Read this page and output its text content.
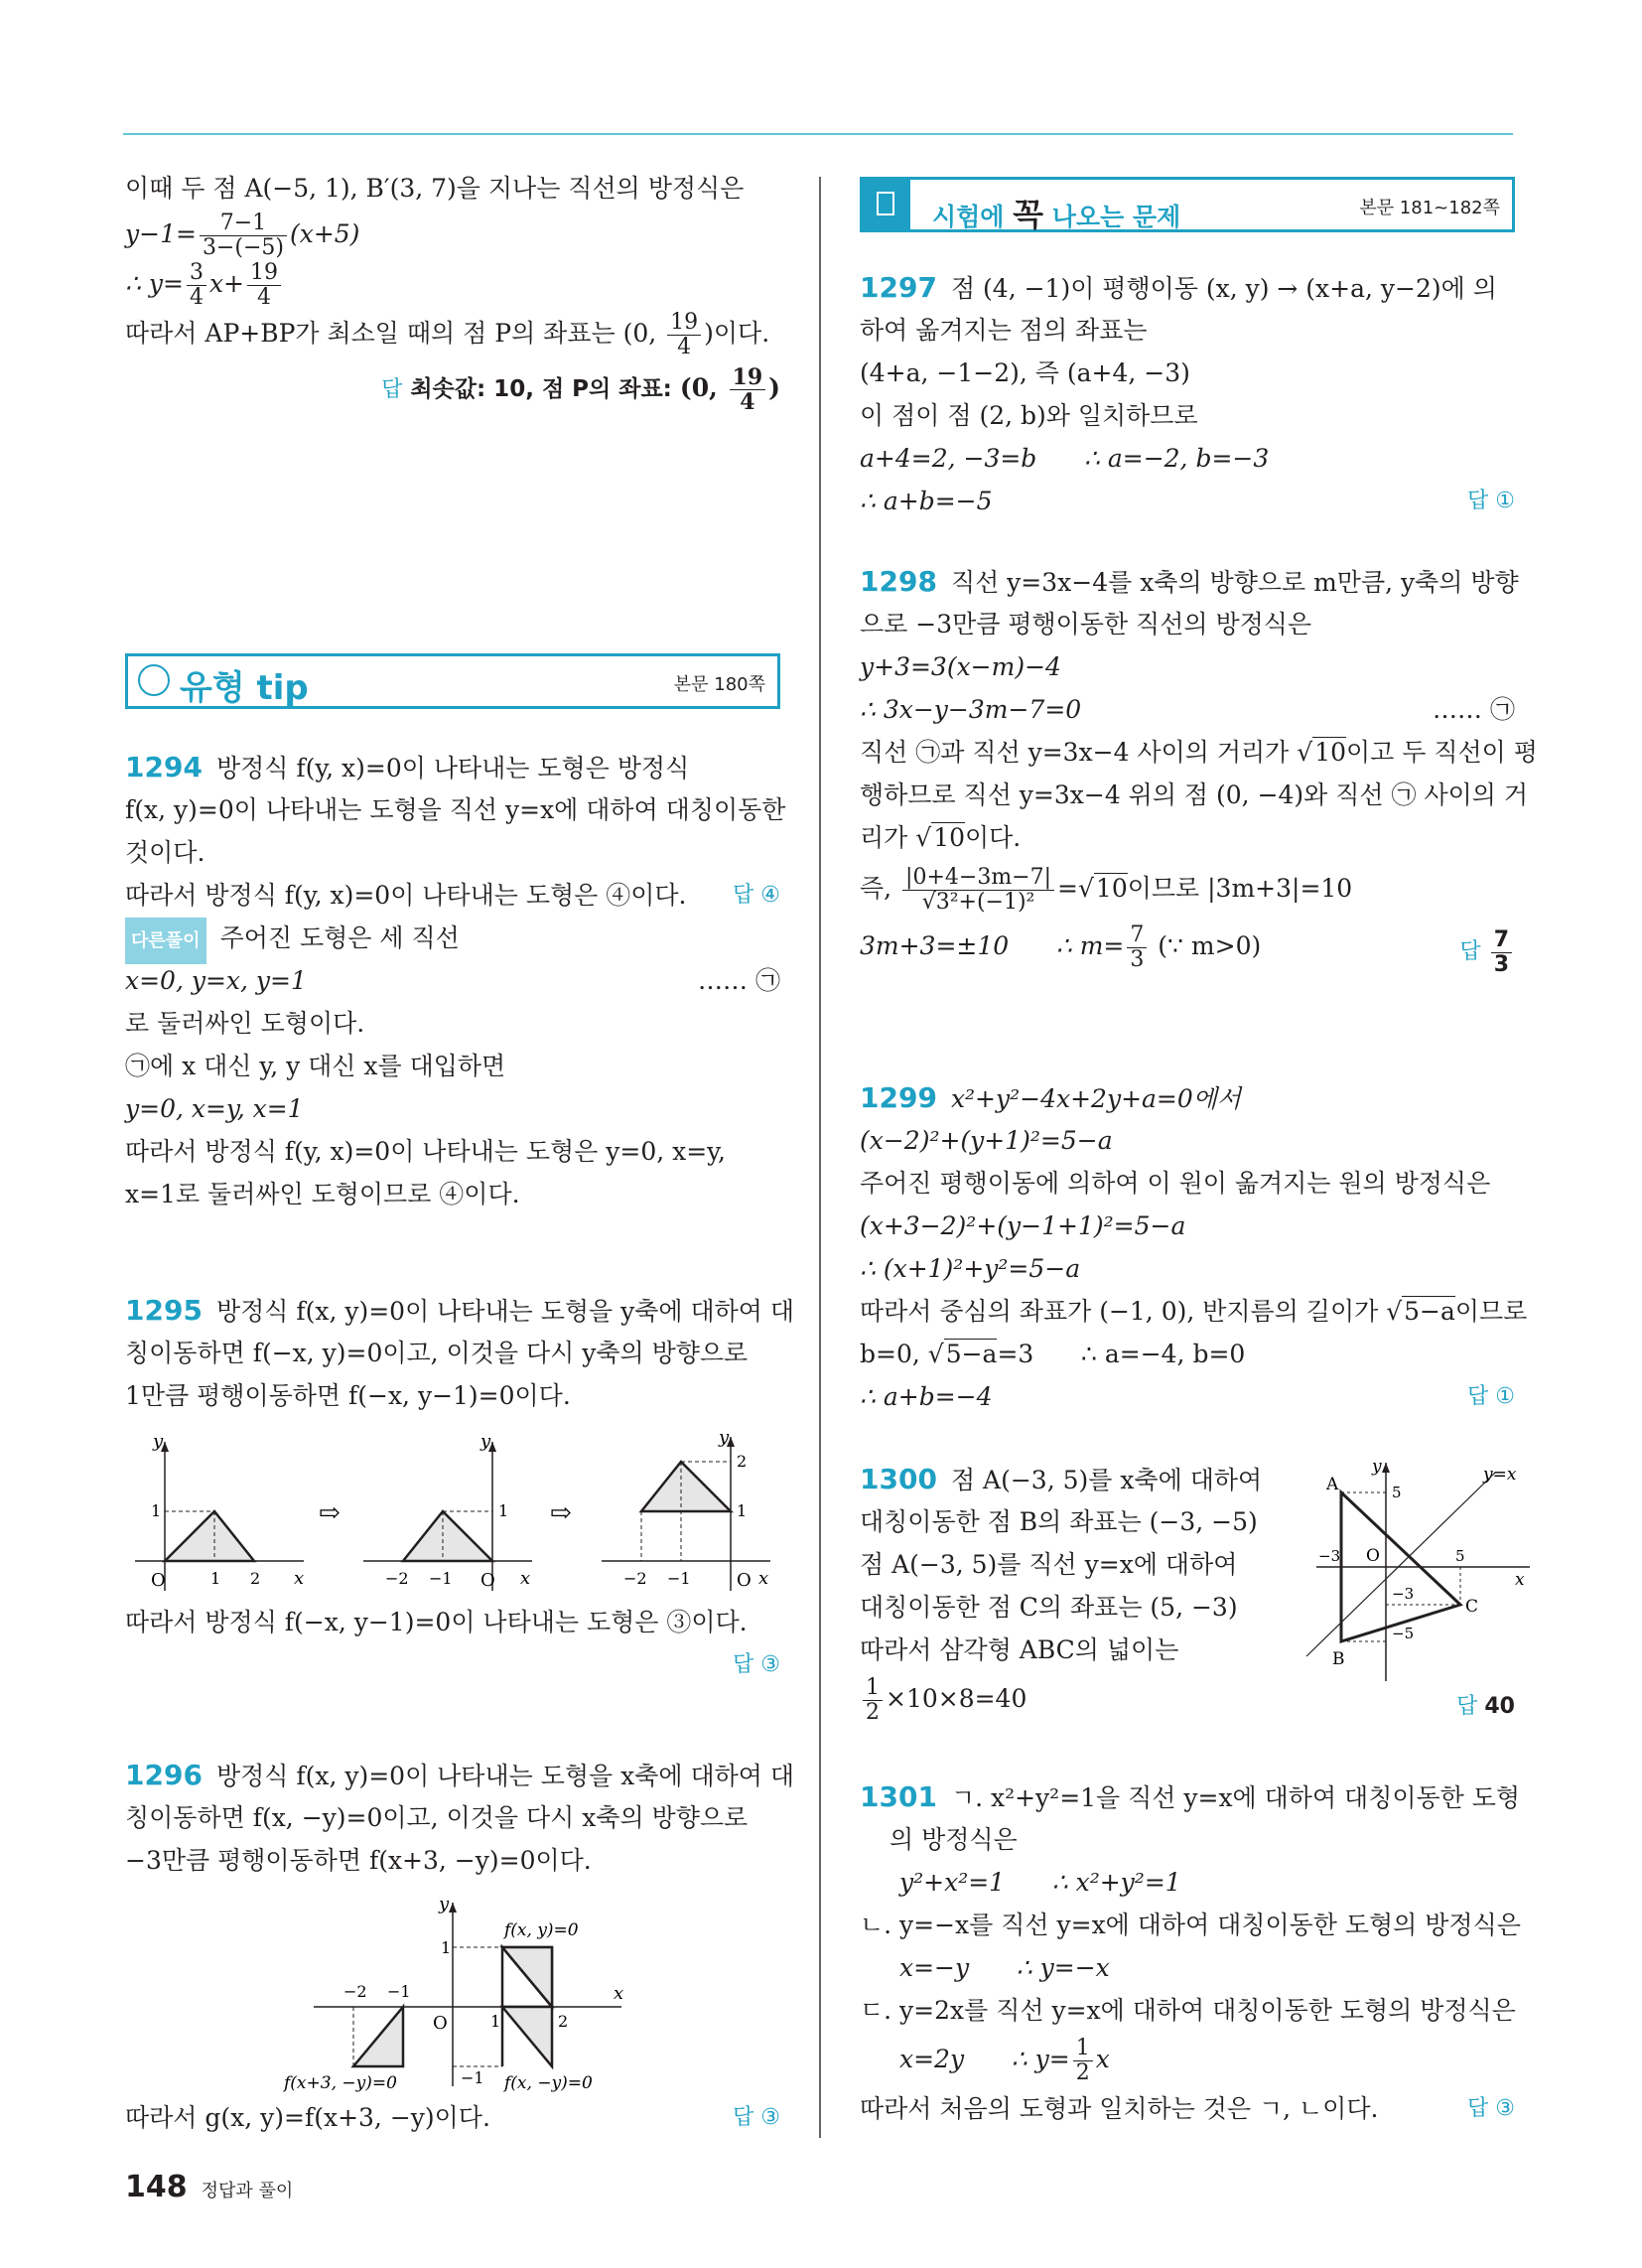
이때 두 점 A(−5, 1), B′(3, 7)을 지나는 직선의 방정식은
$y-1= \frac{7-1}{3-(-5)} (x+5)$
∴ $y= \frac{3}{4} x+ \frac{19}{4}$
따라서 AP+BP가 최소일 때의 점 P의 좌표는 (0, $\frac{19}{4}$ )이다.
답 최솟값: 10, 점 P의 좌표: (0, $\frac{19}{4}$ )
유형 tip	본문 180쪽
1294 방정식 f(y, x)=0이 나타내는 도형은 방정식
f(x, y)=0이 나타내는 도형을 직선 y=x에 대하여 대칭이동한
것이다.
따라서 방정식 f(y, x)=0이 나타내는 도형은 ④이다. 답 ④
다른풀이 주어진 도형은 세 직선
x=0, y=x, y=1	…… ㉠
로 둘러싸인 도형이다.
㉠에 x 대신 y, y 대신 x를 대입하면
y=0, x=y, x=1
따라서 방정식 f(y, x)=0이 나타내는 도형은 y=0, x=y,
x=1로 둘러싸인 도형이므로 ④이다.
1295 방정식 f(x, y)=0이 나타내는 도형을 y축에 대하여 대
칭이동하면 f(−x, y)=0이고, 이것을 다시 y축의 방향으로
1만큼 평행이동하면 f(−x, y−1)=0이다.
y
x
O
1
1 2
⇨
y
x
O
1
−2 −1
⇨
y
x
O
2
1
−2 −1
따라서 방정식 f(−x, y−1)=0이 나타내는 도형은 ③이다.
답 ③
1296 방정식 f(x, y)=0이 나타내는 도형을 x축에 대하여 대
칭이동하면 f(x, −y)=0이고, 이것을 다시 x축의 방향으로
−3만큼 평행이동하면 f(x+3, −y)=0이다.
y
x
O
1
−1
1	2
−2 −1
f(x, y)=0
f(x, −y)=0
f(x+3, −y)=0
따라서 g(x, y)=f(x+3, −y)이다.	답 ③
시험에 꼭 나오는 문제	본문 181~182쪽
1297 점 (4, −1)이 평행이동 (x, y) → (x+a, y−2)에 의
하여 옮겨지는 점의 좌표는
(4+a, −1−2), 즉 (a+4, −3)
이 점이 점 (2, b)와 일치하므로
a+4=2, −3=b      ∴ a=−2, b=−3
∴ a+b=−5	답 ①
1298 직선 y=3x−4를 x축의 방향으로 m만큼, y축의 방향
으로 −3만큼 평행이동한 직선의 방정식은
y+3=3(x−m)−4
∴ 3x−y−3m−7=0	…… ㉠
직선 ㉠과 직선 y=3x−4 사이의 거리가 √10이고 두 직선이 평
행하므로 직선 y=3x−4 위의 점 (0, −4)와 직선 ㉠ 사이의 거
리가 √10이다.
즉, $\frac{|0+4-3m-7|}{\text{√3²+(−1)²}} =√10$이므로 |3m+3|=10
3m+3=±10      ∴ $m= \frac{7}{3}$ (∵ m>0)	답 $\frac{7}{3}$
1299 x²+y²−4x+2y+a=0에서
(x−2)²+(y+1)²=5−a
주어진 평행이동에 의하여 이 원이 옮겨지는 원의 방정식은
(x+3−2)²+(y−1+1)²=5−a
∴ (x+1)²+y²=5−a
따라서 중심의 좌표가 (−1, 0), 반지름의 길이가 √5−a이므로
b=0, √5−a=3      ∴ a=−4, b=0
∴ a+b=−4	답 ①
1300 점 A(−3, 5)를 x축에 대하여
대칭이동한 점 B의 좌표는 (−3, −5)
점 A(−3, 5)를 직선 y=x에 대하여
대칭이동한 점 C의 좌표는 (5, −3)
따라서 삼각형 ABC의 넓이는
$\frac{1}{2} \times 10\times 8=40$	답 40
y
x
y=x
O
A
B
C
5
−3	5
−3
−5
1301 ㄱ. x²+y²=1을 직선 y=x에 대하여 대칭이동한 도형
의 방정식은
y²+x²=1      ∴ x²+y²=1
ㄴ. y=−x를 직선 y=x에 대하여 대칭이동한 도형의 방정식은
x=−y      ∴ y=−x
ㄷ. y=2x를 직선 y=x에 대하여 대칭이동한 도형의 방정식은
x=2y      ∴ $y= \frac{1}{2}$ x
따라서 처음의 도형과 일치하는 것은 ㄱ, ㄴ이다.	답 ③
148 정답과 풀이
